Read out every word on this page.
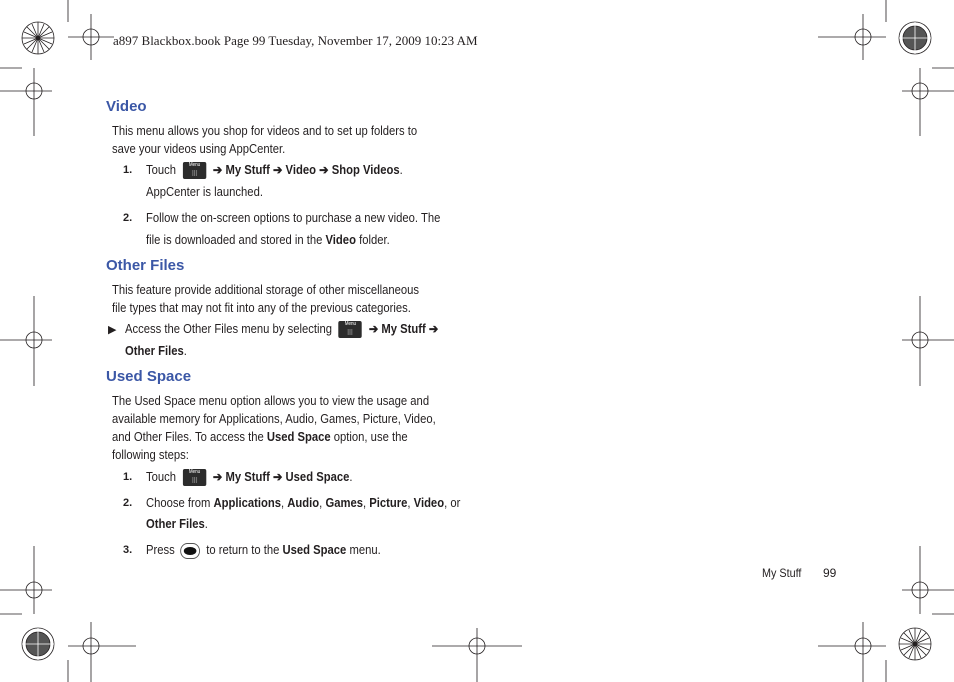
a897 Blackbox.book Page 99 Tuesday, November 17, 2009 10:23 AM
Video
This menu allows you shop for videos and to set up folders to save your videos using AppCenter.
1. Touch	Menu	➔ My Stuff ➔ Video ➔ Shop Videos.
AppCenter is launched.
2. Follow the on-screen options to purchase a new video. The
file is downloaded and stored in the Video folder.
Other Files
This feature provide additional storage of other miscellaneous file types that may not fit into any of the previous categories.
▶ Access the Other Files menu by selecting	Menu	➔ My Stuff ➔
Other Files.
Used Space
The Used Space menu option allows you to view the usage and
available memory for Applications, Audio, Games, Picture, Video,
and Other Files. To access the Used Space option, use the
following steps:
1. Touch	Menu	➔ My Stuff ➔ Used Space.
2. Choose from Applications, Audio, Games, Picture, Video, or
Other Files.
3. Press	to return to the Used Space menu.
My Stuff 99
